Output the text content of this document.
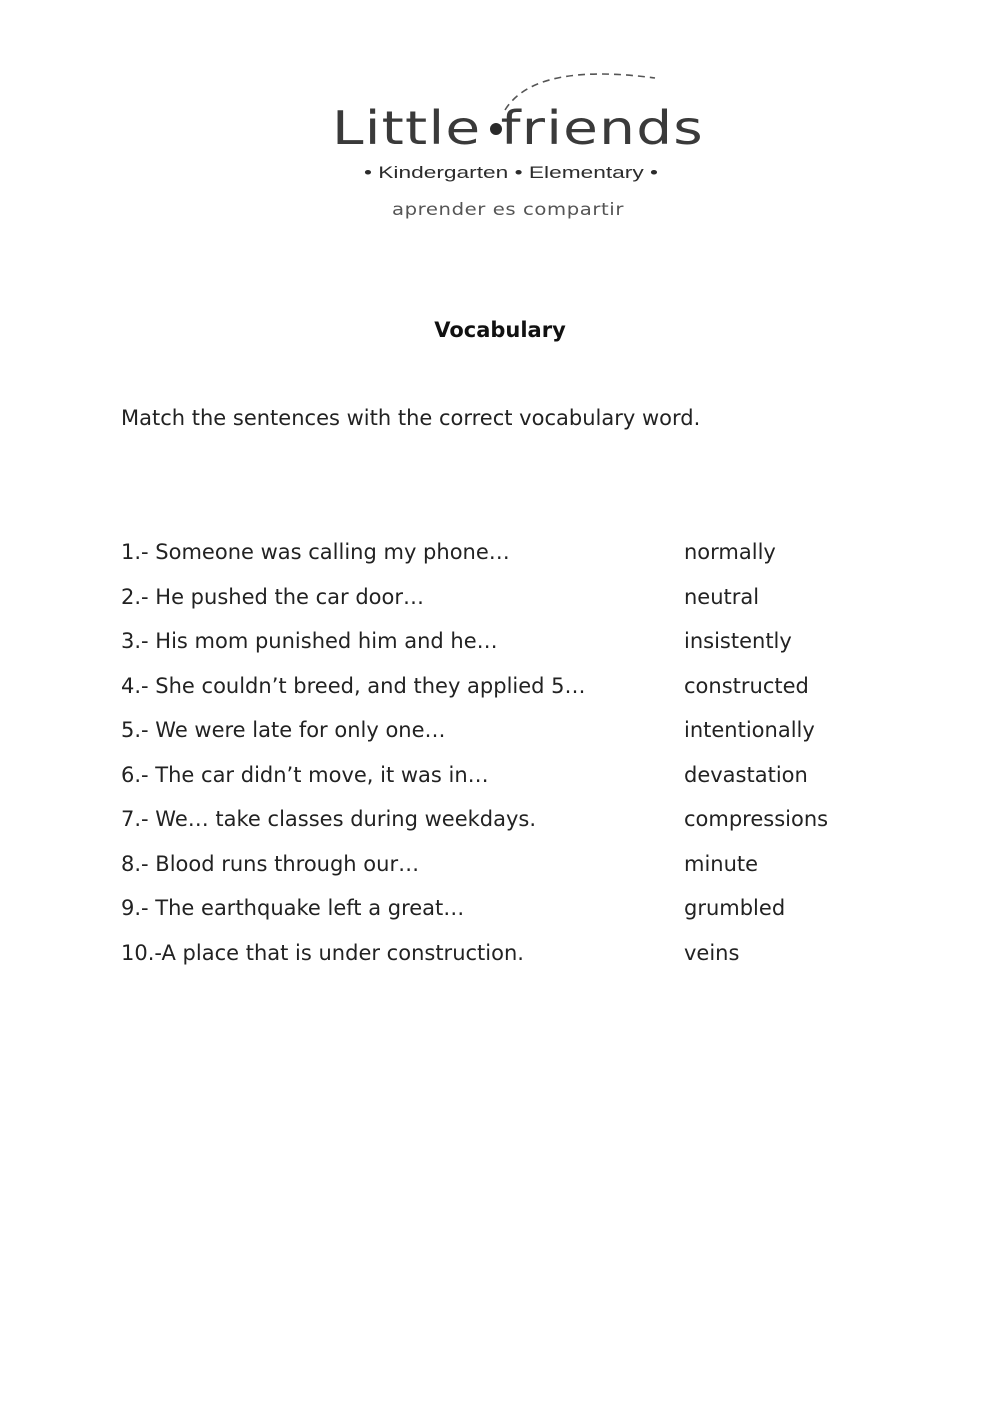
Little friends
• Kindergarten • Elementary •
aprender es compartir
Vocabulary
Match the sentences with the correct vocabulary word.
1.- Someone was calling my phone…	normally
2.- He pushed the car door…	neutral
3.- His mom punished him and he…	insistently
4.- She couldn’t breed, and they applied 5…	constructed
5.- We were late for only one…	intentionally
6.- The car didn’t move, it was in…	devastation
7.- We… take classes during weekdays.	compressions
8.- Blood runs through our…	minute
9.- The earthquake left a great…	grumbled
10.-A place that is under construction.	veins
